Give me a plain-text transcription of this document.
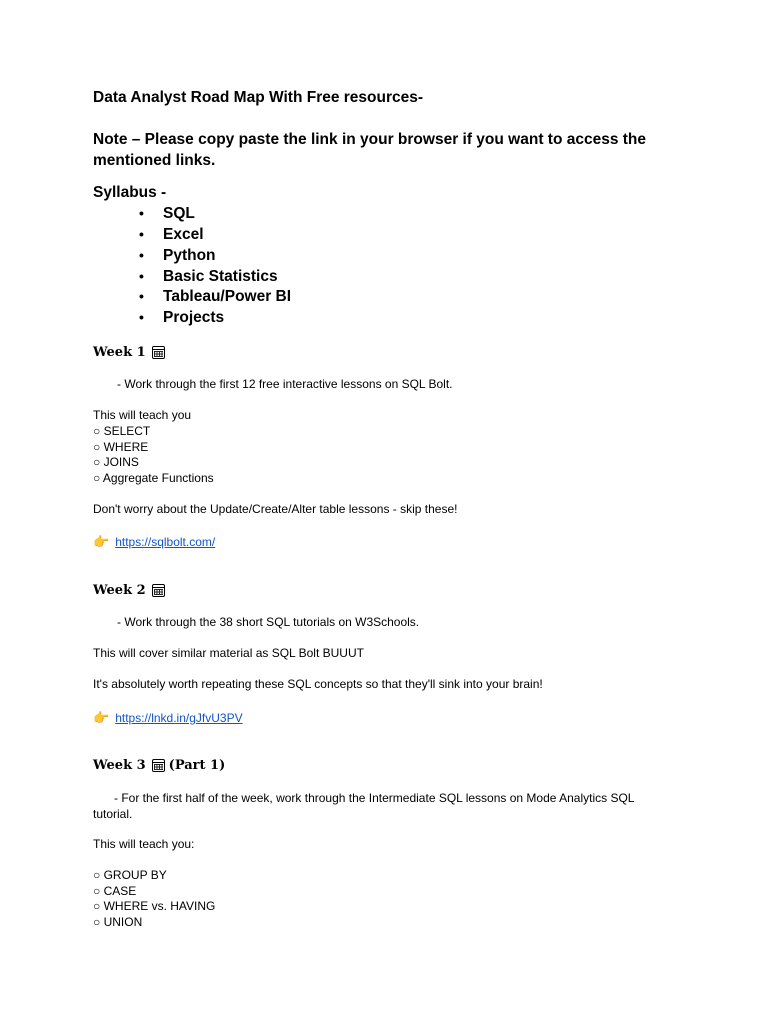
Data Analyst Road Map With Free resources-
Note – Please copy paste the link in your browser if you want to access the mentioned links.
Syllabus -
• SQL
• Excel
• Python
• Basic Statistics
• Tableau/Power BI
• Projects
Week 1
- Work through the first 12 free interactive lessons on SQL Bolt.
This will teach you
○ SELECT
○ WHERE
○ JOINS
○ Aggregate Functions
Don't worry about the Update/Create/Alter table lessons - skip these!
👉 https://sqlbolt.com/
Week 2
- Work through the 38 short SQL tutorials on W3Schools.
This will cover similar material as SQL Bolt BUUUT
It's absolutely worth repeating these SQL concepts so that they'll sink into your brain!
👉 https://lnkd.in/gJfvU3PV
Week 3 (Part 1)
- For the first half of the week, work through the Intermediate SQL lessons on Mode Analytics SQL tutorial.
This will teach you:
○ GROUP BY
○ CASE
○ WHERE vs. HAVING
○ UNION
